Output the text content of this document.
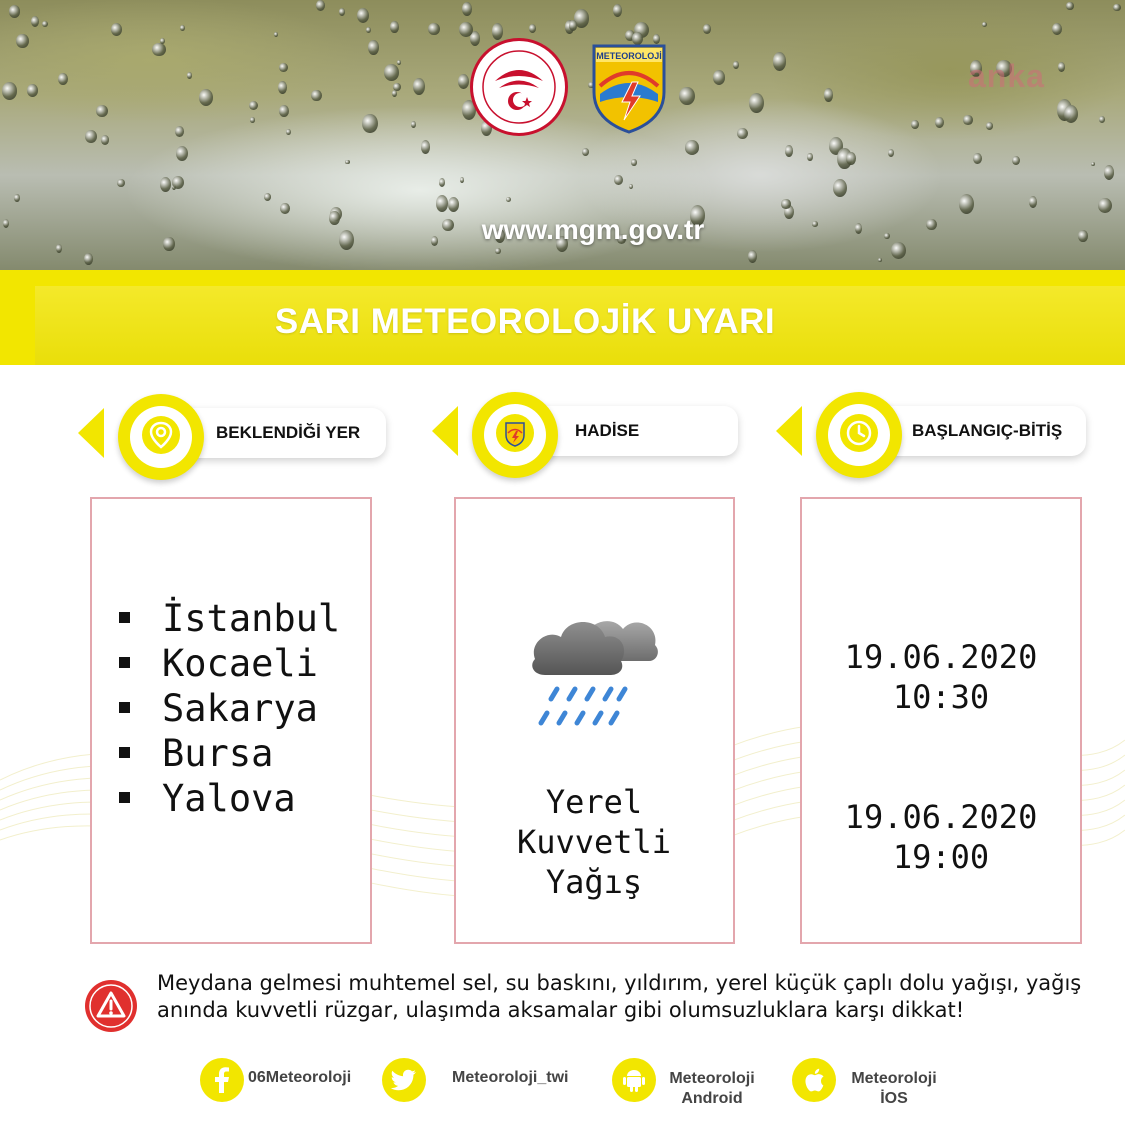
METEOROLOJİ
anka
www.mgm.gov.tr
SARI METEOROLOJİK UYARI
BEKLENDİĞİ YER	HADİSE	BAŞLANGIÇ-BİTİŞ
İstanbul
Kocaeli
Sakarya
Bursa
Yalova	Yerel
Kuvvetli
Yağış
19.06.2020
10:30
19.06.2020
19:00
Meydana gelmesi muhtemel sel, su baskını, yıldırım, yerel küçük çaplı dolu yağışı, yağış anında kuvvetli rüzgar, ulaşımda aksamalar gibi olumsuzluklara karşı dikkat!
06Meteoroloji	Meteoroloji_twi	Meteoroloji
Android
Meteoroloji
İOS
